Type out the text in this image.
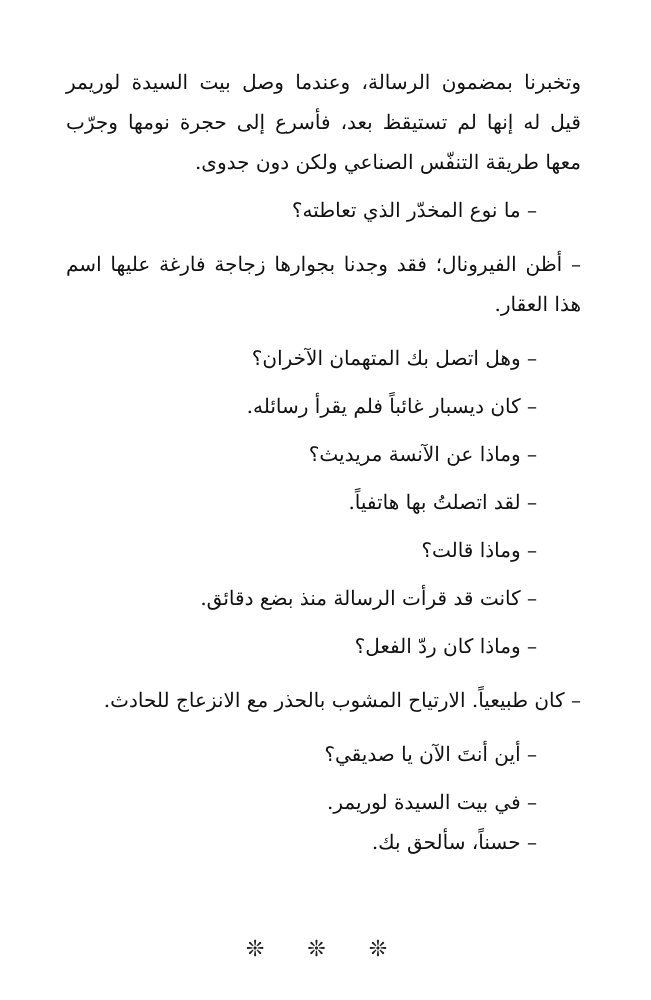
وتخبرنا بمضمون الرسالة، وعندما وصل بيت السيدة لوريمر قيل له إنها لم تستيقظ بعد، فأسرع إلى حجرة نومها وجرّب معها طريقة التنفّس الصناعي ولكن دون جدوى.

– ما نوع المخدّر الذي تعاطته؟

– أظن الفيرونال؛ فقد وجدنا بجوارها زجاجة فارغة عليها اسم هذا العقار.

– وهل اتصل بك المتهمان الآخران؟

– كان ديسبار غائباً فلم يقرأ رسائله.

– وماذا عن الآنسة مريديث؟

– لقد اتصلتُ بها هاتفياً.

– وماذا قالت؟

– كانت قد قرأت الرسالة منذ بضع دقائق.

– وماذا كان ردّ الفعل؟

– كان طبيعياً. الارتياح المشوب بالحذر مع الانزعاج للحادث.

– أين أنتَ الآن يا صديقي؟

– في بيت السيدة لوريمر.

– حسناً، سألحق بك.

❊ ❊ ❊
